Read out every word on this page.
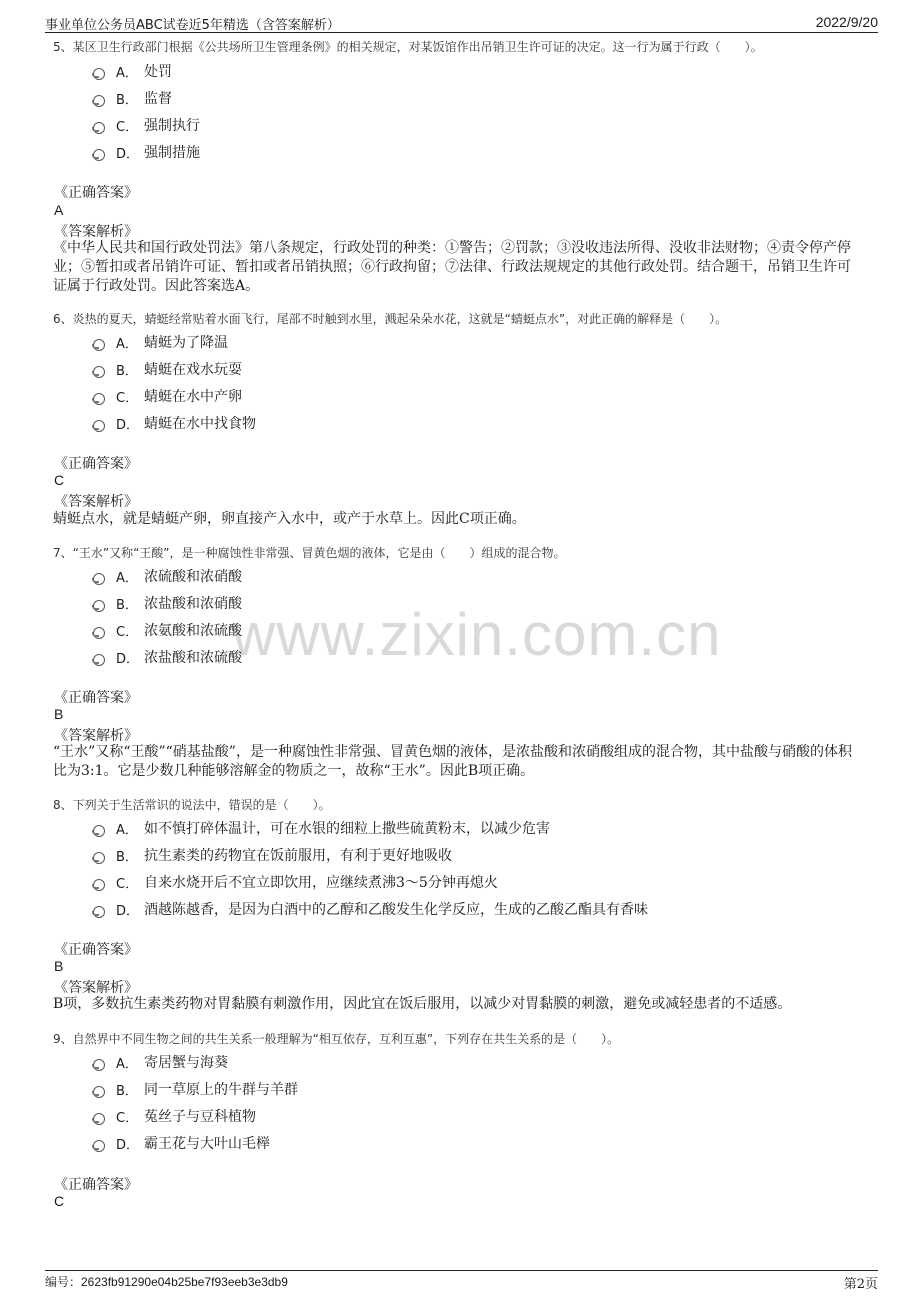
事业单位公务员ABC试卷近5年精选（含答案解析）	2022/9/20
www.zixin.com.cn
5、某区卫生行政部门根据《公共场所卫生管理条例》的相关规定，对某饭馆作出吊销卫生许可证的决定。这一行为属于行政（　　）。
A． 处罚
B． 监督
C． 强制执行
D． 强制措施
《正确答案》
A
《答案解析》
《中华人民共和国行政处罚法》第八条规定，行政处罚的种类：①警告；②罚款；③没收违法所得、没收非法财物；④责令停产停业；⑤暂扣或者吊销许可证、暂扣或者吊销执照；⑥行政拘留；⑦法律、行政法规规定的其他行政处罚。结合题干，吊销卫生许可证属于行政处罚。因此答案选A。
6、炎热的夏天，蜻蜓经常贴着水面飞行，尾部不时触到水里，溅起朵朵水花，这就是“蜻蜓点水”，对此正确的解释是（　　）。
A． 蜻蜓为了降温
B． 蜻蜓在戏水玩耍
C． 蜻蜓在水中产卵
D． 蜻蜓在水中找食物
《正确答案》
C
《答案解析》
蜻蜓点水，就是蜻蜓产卵，卵直接产入水中，或产于水草上。因此C项正确。
7、“王水”又称“王酸”，是一种腐蚀性非常强、冒黄色烟的液体，它是由（　　）组成的混合物。
A． 浓硫酸和浓硝酸
B． 浓盐酸和浓硝酸
C． 浓氨酸和浓硫酸
D． 浓盐酸和浓硫酸
《正确答案》
B
《答案解析》
“王水”又称“王酸”“硝基盐酸”，是一种腐蚀性非常强、冒黄色烟的液体，是浓盐酸和浓硝酸组成的混合物，其中盐酸与硝酸的体积比为3:1。它是少数几种能够溶解金的物质之一，故称“王水”。因此B项正确。
8、下列关于生活常识的说法中，错误的是（　　）。
A． 如不慎打碎体温计，可在水银的细粒上撒些硫黄粉末，以减少危害
B． 抗生素类的药物宜在饭前服用，有利于更好地吸收
C． 自来水烧开后不宜立即饮用，应继续煮沸3～5分钟再熄火
D． 酒越陈越香，是因为白酒中的乙醇和乙酸发生化学反应，生成的乙酸乙酯具有香味
《正确答案》
B
《答案解析》
B项，多数抗生素类药物对胃黏膜有刺激作用，因此宜在饭后服用，以减少对胃黏膜的刺激，避免或减轻患者的不适感。
9、自然界中不同生物之间的共生关系一般理解为“相互依存，互利互惠”，下列存在共生关系的是（　　）。
A． 寄居蟹与海葵
B． 同一草原上的牛群与羊群
C． 菟丝子与豆科植物
D． 霸王花与大叶山毛榉
《正确答案》
C
编号：2623fb91290e04b25be7f93eeb3e3db9	第2页
